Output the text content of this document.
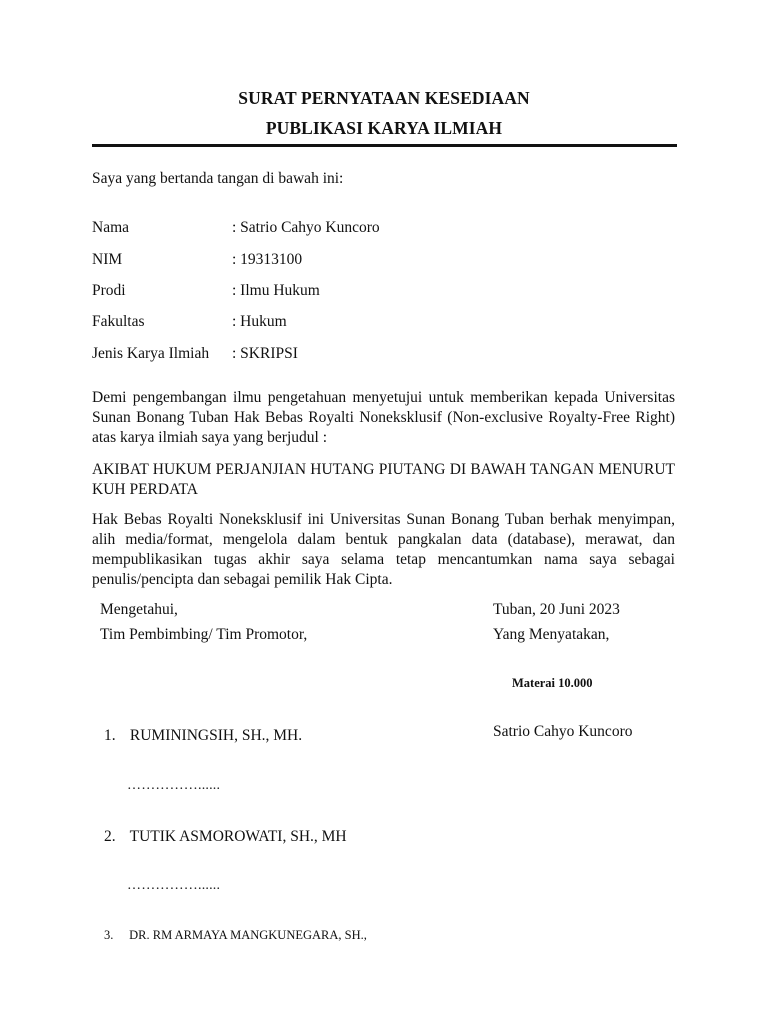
SURAT PERNYATAAN KESEDIAAN
PUBLIKASI KARYA ILMIAH
Saya yang bertanda tangan di bawah ini:
Nama	: Satrio Cahyo Kuncoro
NIM	: 19313100
Prodi	: Ilmu Hukum
Fakultas	: Hukum
Jenis Karya Ilmiah : SKRIPSI
Demi pengembangan ilmu pengetahuan menyetujui untuk memberikan kepada Universitas Sunan Bonang Tuban Hak Bebas Royalti Noneksklusif (Non-exclusive Royalty-Free Right) atas karya ilmiah saya yang berjudul :
AKIBAT HUKUM PERJANJIAN HUTANG PIUTANG DI BAWAH TANGAN MENURUT KUH PERDATA
Hak Bebas Royalti Noneksklusif ini Universitas Sunan Bonang Tuban berhak menyimpan, alih media/format, mengelola dalam bentuk pangkalan data (database), merawat, dan mempublikasikan tugas akhir saya selama tetap mencantumkan nama saya sebagai penulis/pencipta dan sebagai pemilik Hak Cipta.
Mengetahui,
Tim Pembimbing/ Tim Promotor,
Tuban, 20 Juni 2023
Yang Menyatakan,
Materai 10.000
Satrio Cahyo Kuncoro
1. RUMININGSIH, SH., MH.
……………......
2. TUTIK ASMOROWATI, SH., MH
……………......
3. DR. RM ARMAYA MANGKUNEGARA, SH.,
